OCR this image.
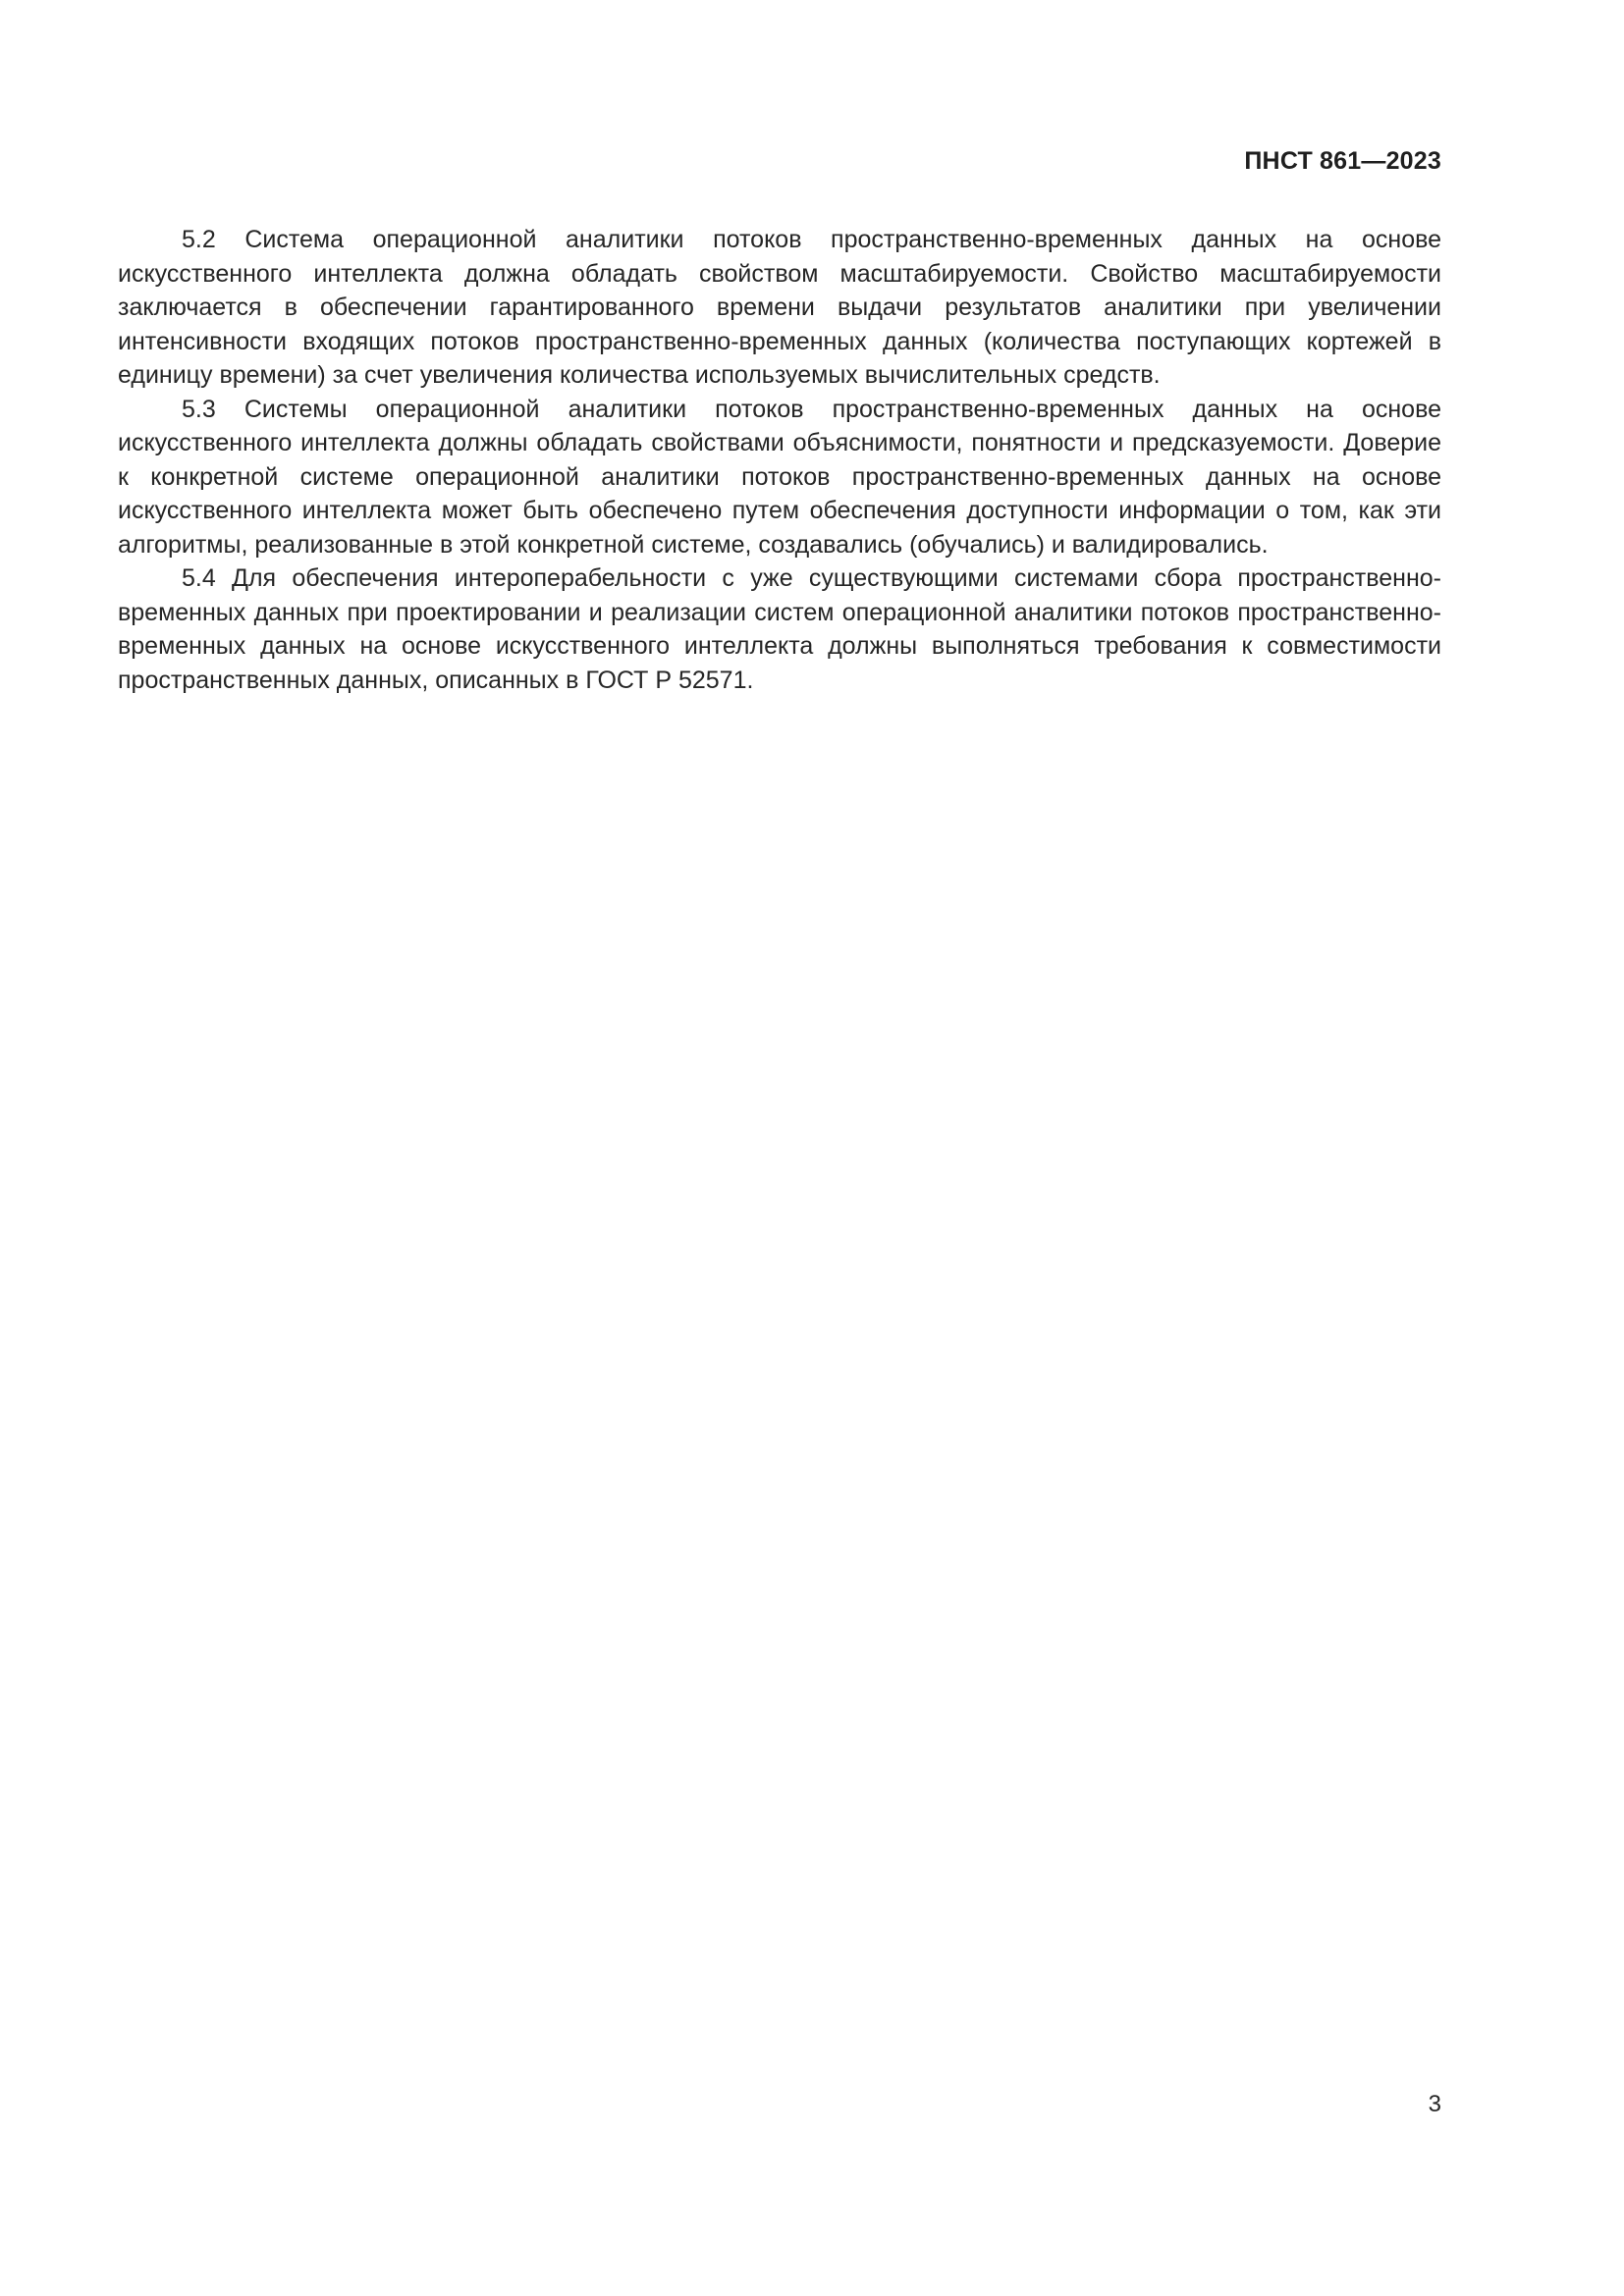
ПНСТ 861—2023

5.2 Система операционной аналитики потоков пространственно-временных данных на основе искусственного интеллекта должна обладать свойством масштабируемости. Свойство масштабируемости заключается в обеспечении гарантированного времени выдачи результатов аналитики при увеличении интенсивности входящих потоков пространственно-временных данных (количества поступающих кортежей в единицу времени) за счет увеличения количества используемых вычислительных средств.

5.3 Системы операционной аналитики потоков пространственно-временных данных на основе искусственного интеллекта должны обладать свойствами объяснимости, понятности и предсказуемости. Доверие к конкретной системе операционной аналитики потоков пространственно-временных данных на основе искусственного интеллекта может быть обеспечено путем обеспечения доступности информации о том, как эти алгоритмы, реализованные в этой конкретной системе, создавались (обучались) и валидировались.

5.4 Для обеспечения интероперабельности с уже существующими системами сбора пространственно-временных данных при проектировании и реализации систем операционной аналитики потоков пространственно-временных данных на основе искусственного интеллекта должны выполняться требования к совместимости пространственных данных, описанных в ГОСТ Р 52571.

3
